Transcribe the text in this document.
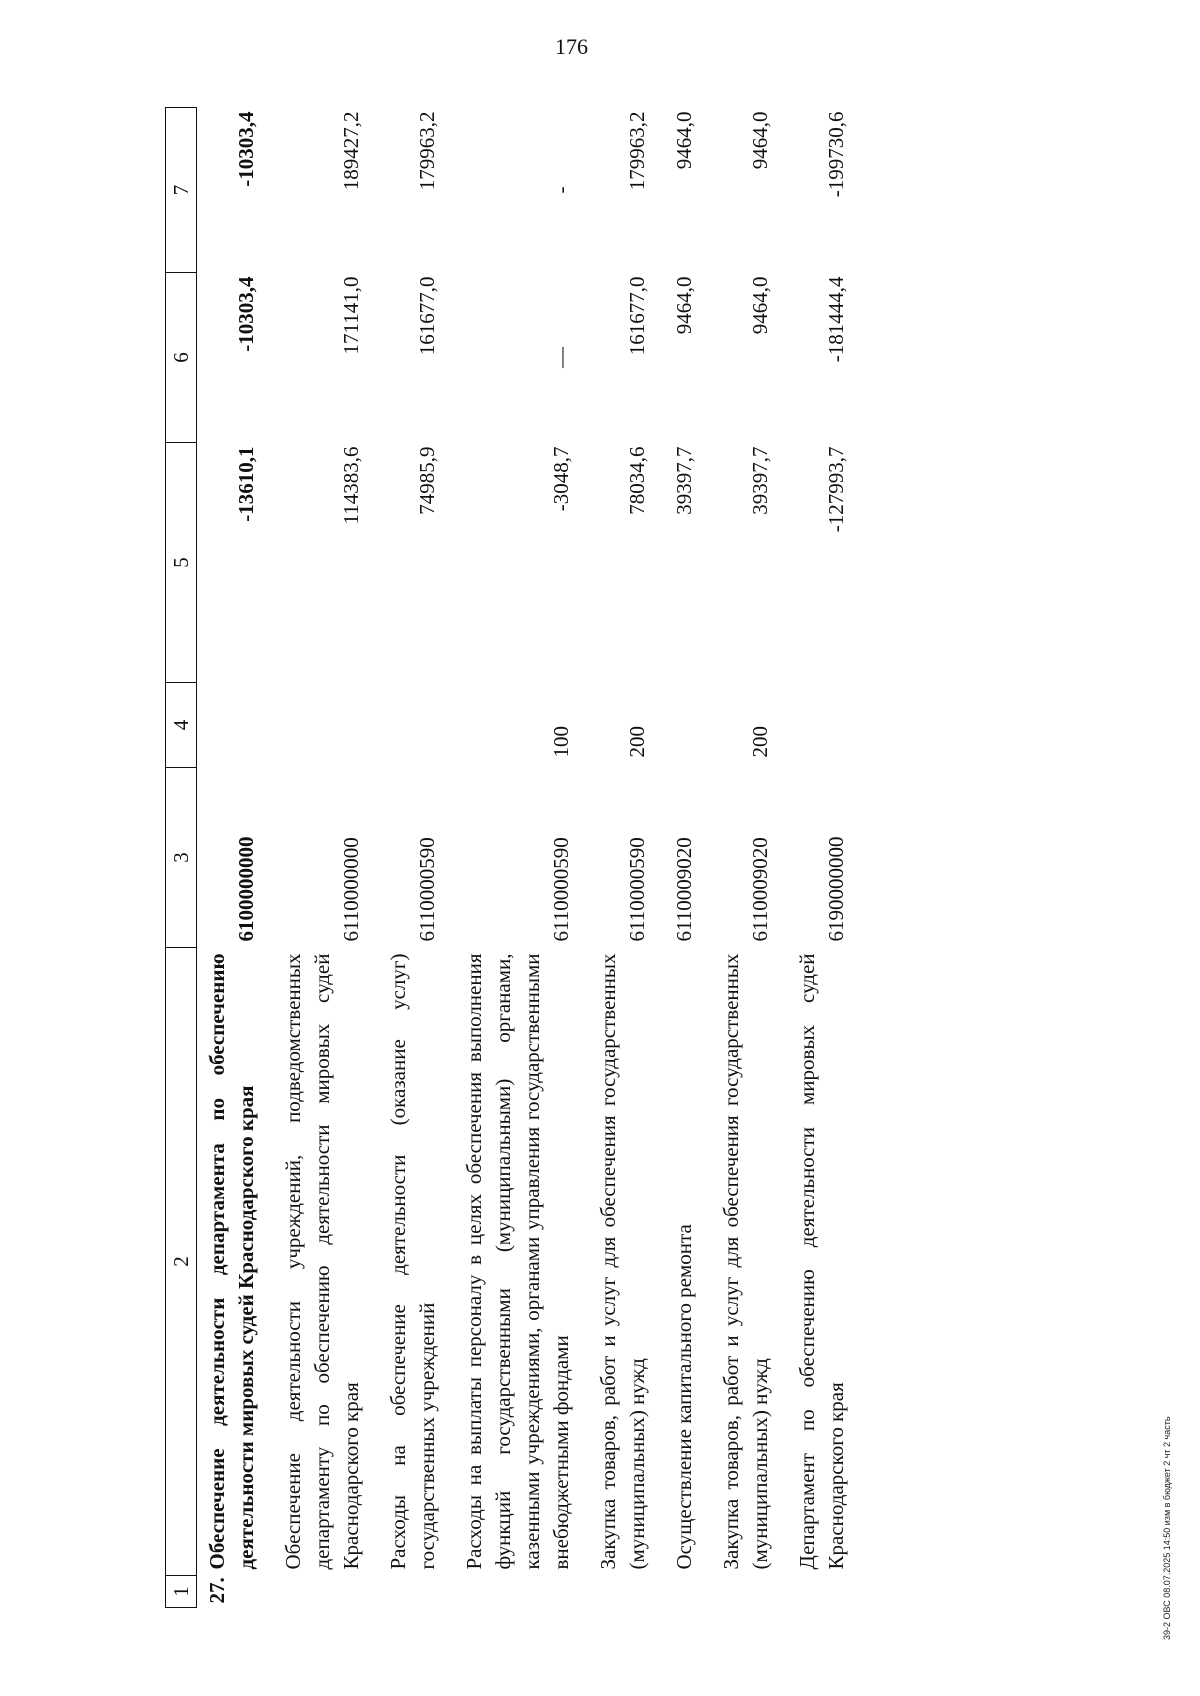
176
1	2	3	4	5	6	7
27.	Обеспечение деятельности департамента по обеспечению деятельности мировых судей Краснодарского края	6100000000		-13610,1	-10303,4	-10303,4
	Обеспечение деятельности учреждений, подведомственных департаменту по обеспечению деятельности мировых судей Краснодарского края	6110000000		114383,6	171141,0	189427,2
	Расходы на обеспечение деятельности (оказание услуг) государственных учреждений	6110000590		74985,9	161677,0	179963,2
	Расходы на выплаты персоналу в целях обеспечения выполнения функций государственными (муниципальными) органами, казенными учреждениями, органами управления государственными внебюджетными фондами	6110000590	100	-3048,7	—	-
	Закупка товаров, работ и услуг для обеспечения государственных (муниципальных) нужд	6110000590	200	78034,6	161677,0	179963,2
	Осуществление капитального ремонта	6110009020		39397,7	9464,0	9464,0
	Закупка товаров, работ и услуг для обеспечения государственных (муниципальных) нужд	6110009020	200	39397,7	9464,0	9464,0
	Департамент по обеспечению деятельности мировых судей Краснодарского края	6190000000		-127993,7	-181444,4	-199730,6
39-2 ОВС 08.07.2025 14:50 изм в бюджет 2 чт 2 часть
